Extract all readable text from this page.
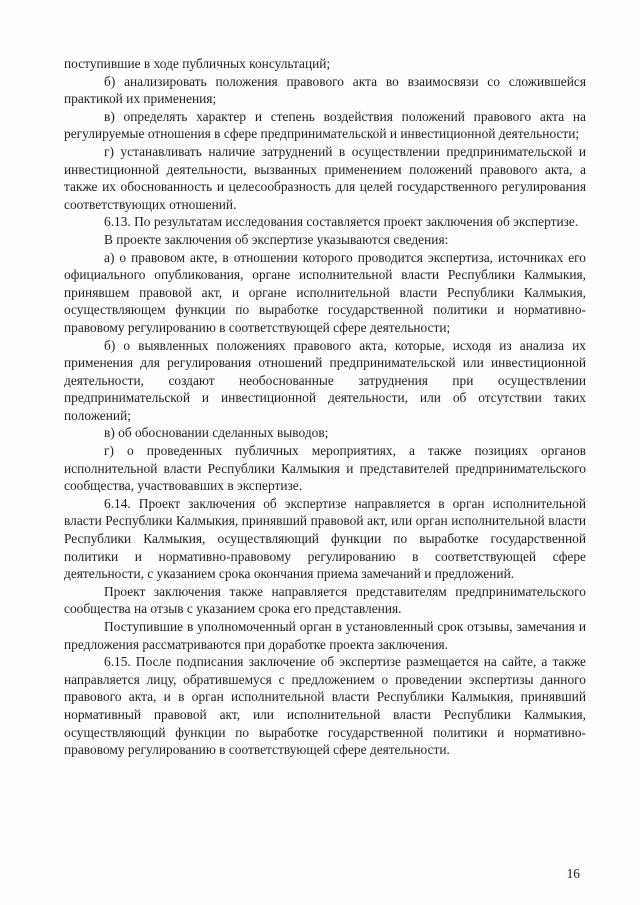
поступившие в ходе публичных консультаций;

б) анализировать положения правового акта во взаимосвязи со сложившейся практикой их применения;

в) определять характер и степень воздействия положений правового акта на регулируемые отношения в сфере предпринимательской и инвестиционной деятельности;

г) устанавливать наличие затруднений в осуществлении предпринимательской и инвестиционной деятельности, вызванных применением положений правового акта, а также их обоснованность и целесообразность для целей государственного регулирования соответствующих отношений.

6.13. По результатам исследования составляется проект заключения об экспертизе.

В проекте заключения об экспертизе указываются сведения:

а) о правовом акте, в отношении которого проводится экспертиза, источниках его официального опубликования, органе исполнительной власти Республики Калмыкия, принявшем правовой акт, и органе исполнительной власти Республики Калмыкия, осуществляющем функции по выработке государственной политики и нормативно-правовому регулированию в соответствующей сфере деятельности;

б) о выявленных положениях правового акта, которые, исходя из анализа их применения для регулирования отношений предпринимательской или инвестиционной деятельности, создают необоснованные затруднения при осуществлении предпринимательской и инвестиционной деятельности, или об отсутствии таких положений;

в) об обосновании сделанных выводов;

г) о проведенных публичных мероприятиях, а также позициях органов исполнительной власти Республики Калмыкия и представителей предпринимательского сообщества, участвовавших в экспертизе.

6.14. Проект заключения об экспертизе направляется в орган исполнительной власти Республики Калмыкия, принявший правовой акт, или орган исполнительной власти Республики Калмыкия, осуществляющий функции по выработке государственной политики и нормативно-правовому регулированию в соответствующей сфере деятельности, с указанием срока окончания приема замечаний и предложений.

Проект заключения также направляется представителям предпринимательского сообщества на отзыв с указанием срока его представления.

Поступившие в уполномоченный орган в установленный срок отзывы, замечания и предложения рассматриваются при доработке проекта заключения.

6.15. После подписания заключение об экспертизе размещается на сайте, а также направляется лицу, обратившемуся с предложением о проведении экспертизы данного правового акта, и в орган исполнительной власти Республики Калмыкия, принявший нормативный правовой акт, или исполнительной власти Республики Калмыкия, осуществляющий функции по выработке государственной политики и нормативно-правовому регулированию в соответствующей сфере деятельности.

16
